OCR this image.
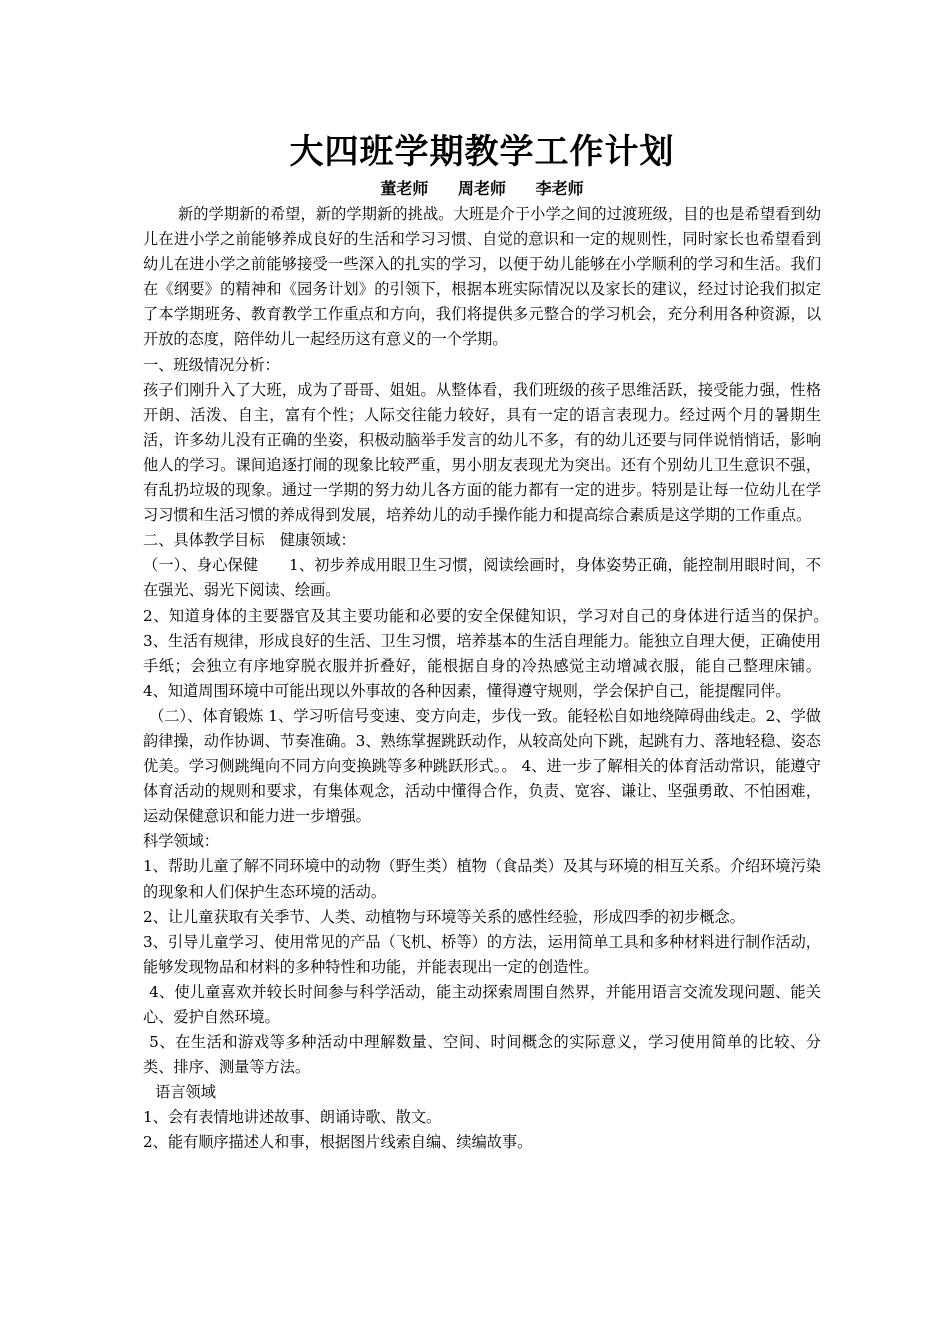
大四班学期教学工作计划
董老师 周老师 李老师

新的学期新的希望，新的学期新的挑战。大班是介于小学之间的过渡班级，目的也是希望看到幼儿在进小学之前能够养成良好的生活和学习习惯、自觉的意识和一定的规则性，同时家长也希望看到幼儿在进小学之前能够接受一些深入的扎实的学习，以便于幼儿能够在小学顺利的学习和生活。我们在《纲要》的精神和《园务计划》的引领下，根据本班实际情况以及家长的建议，经过讨论我们拟定了本学期班务、教育教学工作重点和方向，我们将提供多元整合的学习机会，充分利用各种资源，以开放的态度，陪伴幼儿一起经历这有意义的一个学期。

一、班级情况分析：

孩子们刚升入了大班，成为了哥哥、姐姐。从整体看，我们班级的孩子思维活跃，接受能力强，性格开朗、活泼、自主，富有个性；人际交往能力较好，具有一定的语言表现力。经过两个月的暑期生活，许多幼儿没有正确的坐姿，积极动脑举手发言的幼儿不多，有的幼儿还要与同伴说悄悄话，影响他人的学习。课间追逐打闹的现象比较严重，男小朋友表现尤为突出。还有个别幼儿卫生意识不强，有乱扔垃圾的现象。通过一学期的努力幼儿各方面的能力都有一定的进步。特别是让每一位幼儿在学习习惯和生活习惯的养成得到发展，培养幼儿的动手操作能力和提高综合素质是这学期的工作重点。

二、具体教学目标　健康领域：

（一）、身心保健　　1、初步养成用眼卫生习惯，阅读绘画时，身体姿势正确，能控制用眼时间，不在强光、弱光下阅读、绘画。

2、知道身体的主要器官及其主要功能和必要的安全保健知识，学习对自己的身体进行适当的保护。　3、生活有规律，形成良好的生活、卫生习惯，培养基本的生活自理能力。能独立自理大便，正确使用手纸；会独立有序地穿脱衣服并折叠好，能根据自身的冷热感觉主动增减衣服，能自己整理床铺。 4、知道周围环境中可能出现以外事故的各种因素，懂得遵守规则，学会保护自己，能提醒同伴。

（二）、体育锻炼 1、学习听信号变速、变方向走，步伐一致。能轻松自如地绕障碍曲线走。2、学做韵律操，动作协调、节奏准确。3、熟练掌握跳跃动作，从较高处向下跳，起跳有力、落地轻稳、姿态优美。学习侧跳绳向不同方向变换跳等多种跳跃形式。。 4、进一步了解相关的体育活动常识，能遵守体育活动的规则和要求，有集体观念，活动中懂得合作，负责、宽容、谦让、坚强勇敢、不怕困难，运动保健意识和能力进一步增强。

科学领域：

1、帮助儿童了解不同环境中的动物（野生类）植物（食品类）及其与环境的相互关系。介绍环境污染的现象和人们保护生态环境的活动。

2、让儿童获取有关季节、人类、动植物与环境等关系的感性经验，形成四季的初步概念。

3、引导儿童学习、使用常见的产品（飞机、桥等）的方法，运用简单工具和多种材料进行制作活动，能够发现物品和材料的多种特性和功能，并能表现出一定的创造性。

4、使儿童喜欢并较长时间参与科学活动，能主动探索周围自然界，并能用语言交流发现问题、能关心、爱护自然环境。

5、在生活和游戏等多种活动中理解数量、空间、时间概念的实际意义，学习使用简单的比较、分类、排序、测量等方法。

语言领域

1、会有表情地讲述故事、朗诵诗歌、散文。

2、能有顺序描述人和事，根据图片线索自编、续编故事。
